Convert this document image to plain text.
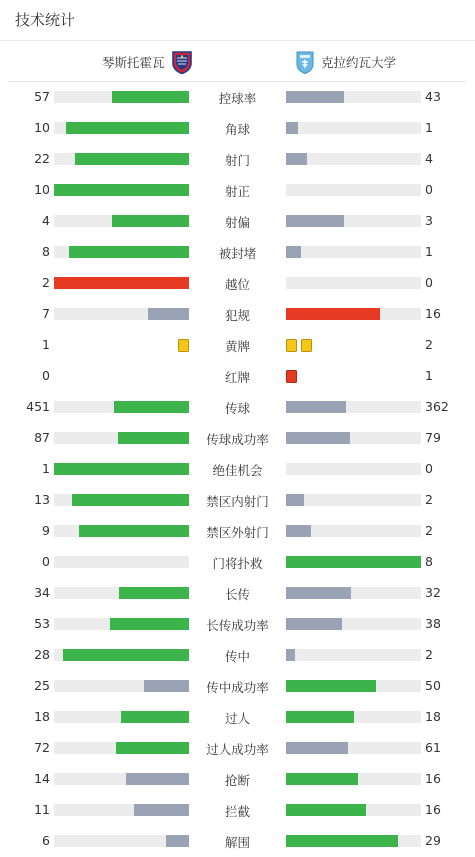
技术统计
琴斯托霍瓦	克拉约瓦大学
57	控球率	43
10	角球	1
22	射门	4
10	射正	0
4	射偏	3
8	被封堵	1
2	越位	0
7	犯规	16
1	黄牌	2
0	红牌	1
451	传球	362
87	传球成功率	79
1	绝佳机会	0
13	禁区内射门	2
9	禁区外射门	2
0	门将扑救	8
34	长传	32
53	长传成功率	38
28	传中	2
25	传中成功率	50
18	过人	18
72	过人成功率	61
14	抢断	16
11	拦截	16
6	解围	29
